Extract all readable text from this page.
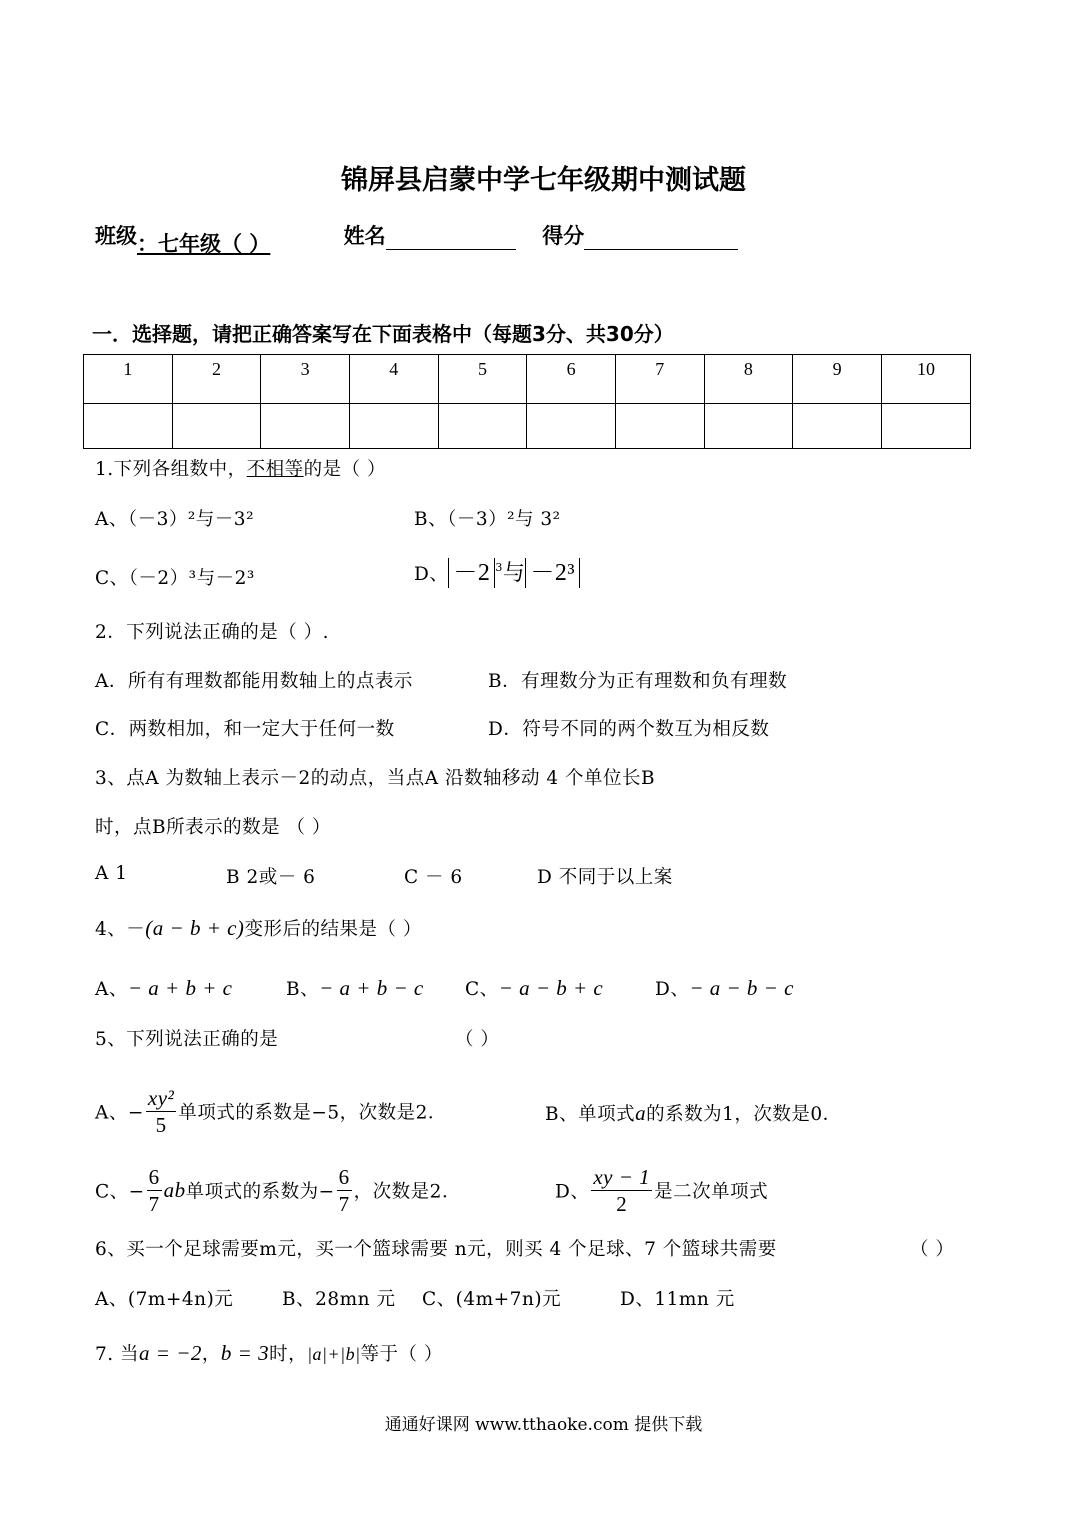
锦屏县启蒙中学七年级期中测试题
班级：七年级（ ）	姓名	得分
一．选择题，请把正确答案写在下面表格中（每题3分、共30分）
1	2	3	4	5	6	7	8	9	10

1.下列各组数中，不相等的是（ ）
A、（－3）²与－3²	B、（－3）²与 3²
C、（－2）³与－2³	D、 －2 $^3$与 －2³
2．下列说法正确的是（ ）.
A．所有有理数都能用数轴上的点表示	B．有理数分为正有理数和负有理数
C．两数相加，和一定大于任何一数	D．符号不同的两个数互为相反数
3、点A 为数轴上表示－2的动点，当点A 沿数轴移动 4 个单位长B
时，点B所表示的数是 （ ）
A 1	B 2或－ 6	C － 6	D 不同于以上案
4、－(a − b + c)变形后的结果是（ ）
A、− a + b + c	B、− a + b − c C、− a − b + c	D、− a − b − c
5、下列说法正确的是	（ ）
A、− $\frac{\text{xy²}}{5}$ 单项式的系数是−5，次数是2．	B、单项式a的系数为1，次数是0．
C、− $\frac{6}{7}$ ab单项式的系数为− $\frac{6}{7}$ ，次数是2．	D、 $\frac{xy - 1}{2}$ 是二次单项式
6、买一个足球需要m元，买一个篮球需要 n元，则买 4 个足球、7 个篮球共需要	（ ）
A、(7m+4n)元	B、28mn 元 C、(4m+7n)元	D、11mn 元
7. 当a = −2，b = 3时，|a|+|b|等于（ ）
通通好课网 www.tthaoke.com 提供下载
